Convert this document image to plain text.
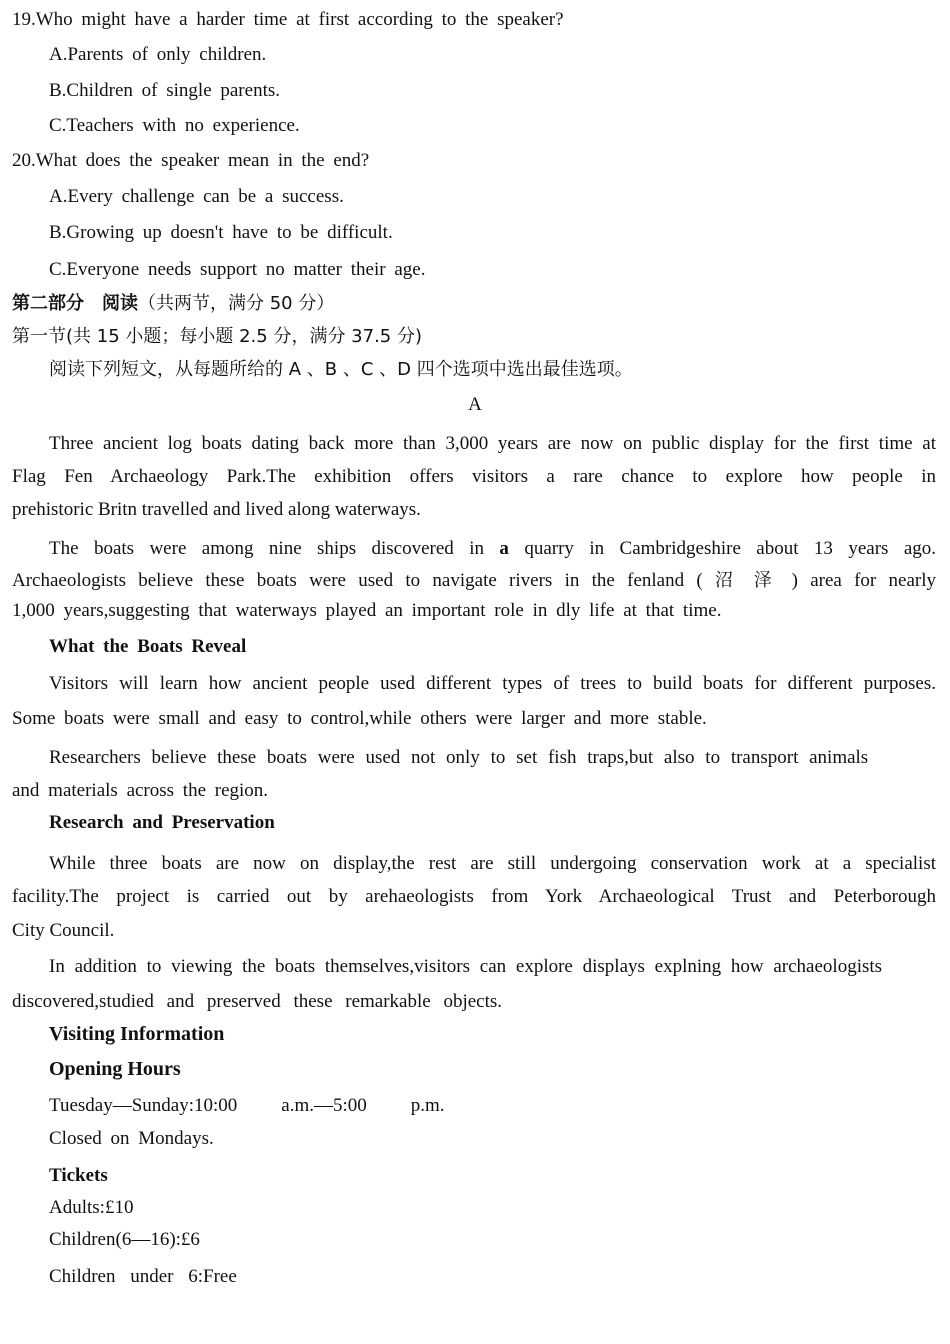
19.Who might have a harder time at first according to the speaker?
A.Parents of only children.
B.Children of single parents.
C.Teachers with no experience.
20.What does the speaker mean in the end?
A.Every challenge can be a success.
B.Growing up doesn't have to be difficult.
C.Everyone needs support no matter their age.
第二部分　阅读（共两节，满分 50 分）
第一节(共 15 小题；每小题 2.5 分，满分 37.5 分)
阅读下列短文，从每题所给的 A 、B 、C 、D 四个选项中选出最佳选项。
A
Three ancient log boats dating back more than 3,000 years are now on public display for the first time at
Flag Fen Archaeology Park.The exhibition offers visitors a rare chance to explore how people in
prehistoric Britn travelled and lived along waterways.
The boats were among nine ships discovered in a quarry in Cambridgeshire about 13 years ago.
Archaeologists believe these boats were used to navigate rivers in the fenland ( 沼 泽 ) area for nearly
1,000 years,suggesting that waterways played an important role in dly life at that time.
What the Boats Reveal
Visitors will learn how ancient people used different types of trees to build boats for different purposes.
Some boats were small and easy to control,while others were larger and more stable.
Researchers believe these boats were used not only to set fish traps,but also to transport animals
and materials across the region.
Research and Preservation
While three boats are now on display,the rest are still undergoing conservation work at a specialist
facility.The project is carried out by arehaeologists from York Archaeological Trust and Peterborough
City Council.
In addition to viewing the boats themselves,visitors can explore displays explning how archaeologists
discovered,studied and preserved these remarkable objects.
Visiting Information
Opening Hours
Tuesday—Sunday:10:00 a.m.—5:00 p.m.
Closed on Mondays.
Tickets
Adults:£10
Children(6—16):£6
Children under 6:Free
